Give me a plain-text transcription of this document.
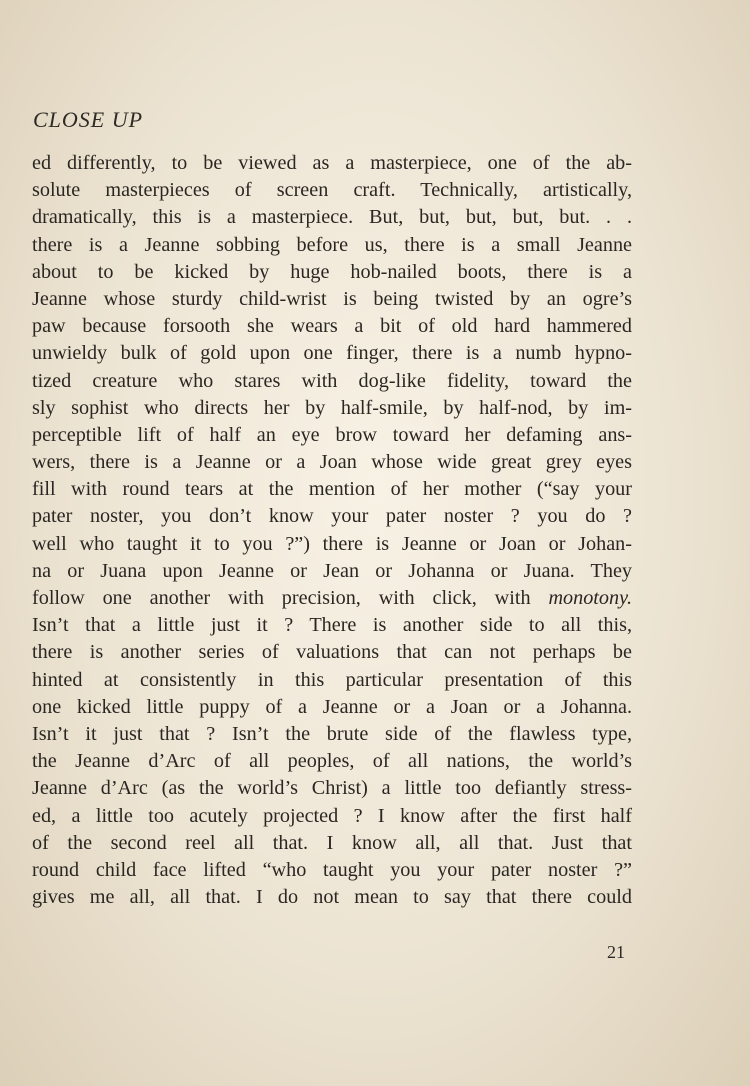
CLOSE UP
ed differently, to be viewed as a masterpiece, one of the ab-
solute masterpieces of screen craft. Technically, artistically,
dramatically, this is a masterpiece. But, but, but, but, but. . .
there is a Jeanne sobbing before us, there is a small Jeanne
about to be kicked by huge hob-nailed boots, there is a
Jeanne whose sturdy child-wrist is being twisted by an ogre’s
paw because forsooth she wears a bit of old hard hammered
unwieldy bulk of gold upon one finger, there is a numb hypno-
tized creature who stares with dog-like fidelity, toward the
sly sophist who directs her by half-smile, by half-nod, by im-
perceptible lift of half an eye brow toward her defaming ans-
wers, there is a Jeanne or a Joan whose wide great grey eyes
fill with round tears at the mention of her mother (“say your
pater noster, you don’t know your pater noster ? you do ?
well who taught it to you ?”) there is Jeanne or Joan or Johan-
na or Juana upon Jeanne or Jean or Johanna or Juana. They
follow one another with precision, with click, with monotony.
Isn’t that a little just it ? There is another side to all this,
there is another series of valuations that can not perhaps be
hinted at consistently in this particular presentation of this
one kicked little puppy of a Jeanne or a Joan or a Johanna.
Isn’t it just that ? Isn’t the brute side of the flawless type,
the Jeanne d’Arc of all peoples, of all nations, the world’s
Jeanne d’Arc (as the world’s Christ) a little too defiantly stress-
ed, a little too acutely projected ? I know after the first half
of the second reel all that. I know all, all that. Just that
round child face lifted “who taught you your pater noster ?”
gives me all, all that. I do not mean to say that there could
21
